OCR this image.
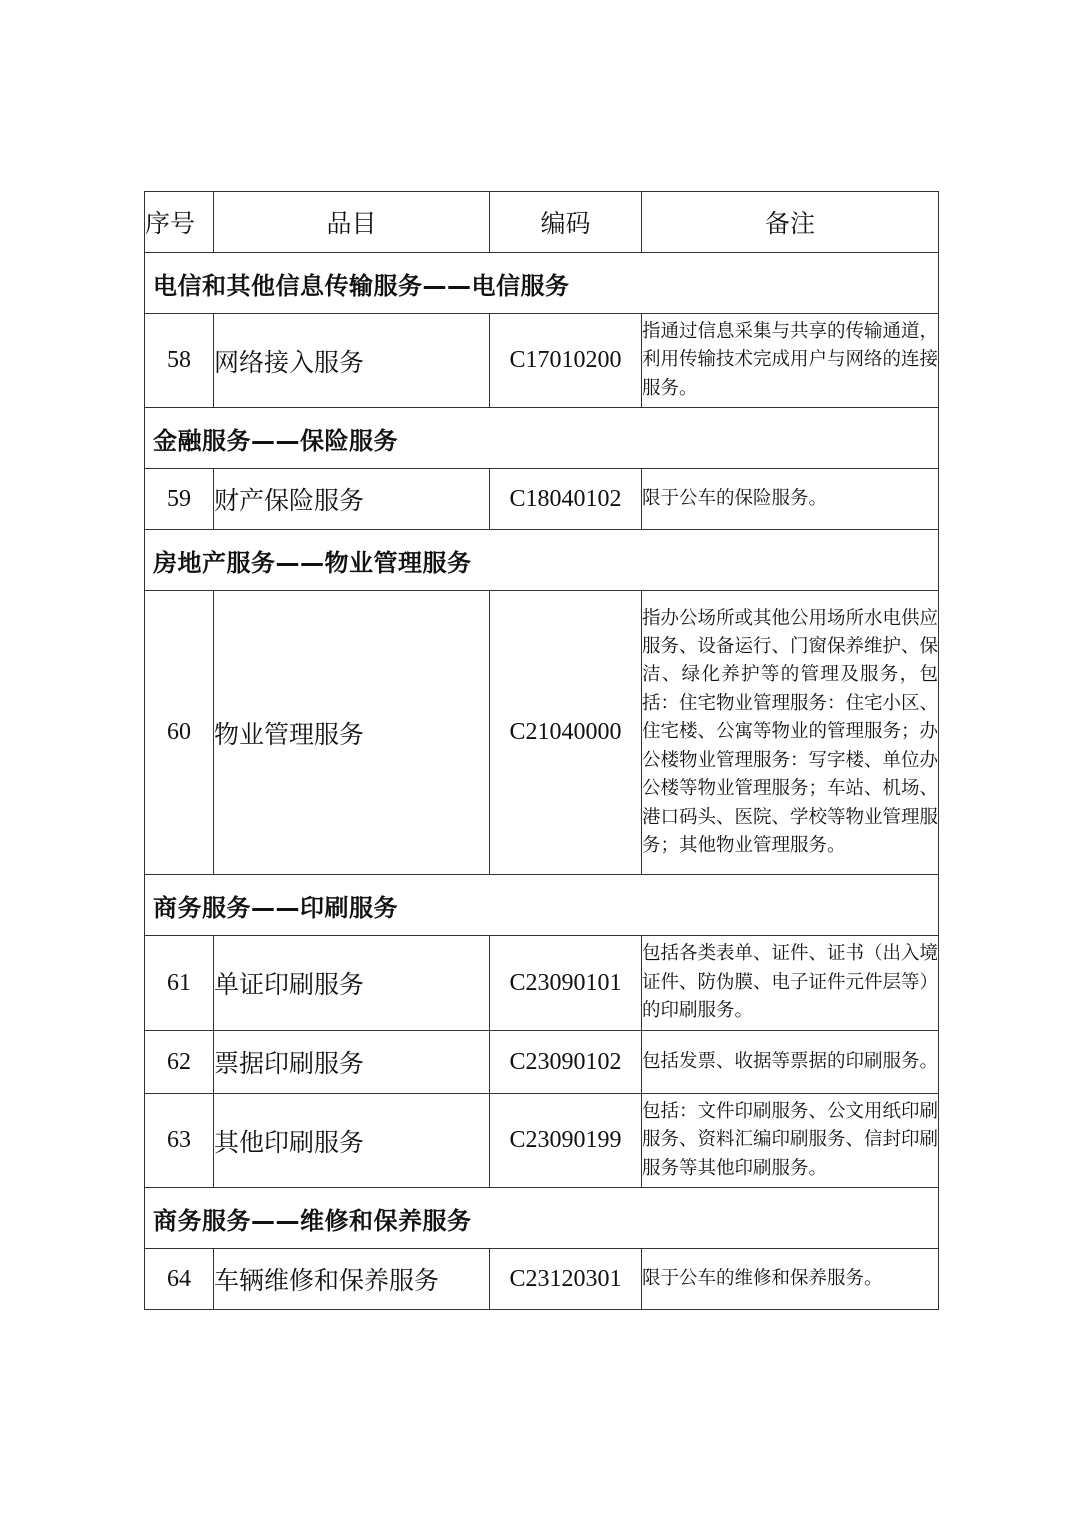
序号	品目	编码	备注
电信和其他信息传输服务——电信服务			
58	网络接入服务	C17010200	指通过信息采集与共享的传输通道，利用传输技术完成用户与网络的连接服务。
金融服务——保险服务			
59	财产保险服务	C18040102	限于公车的保险服务。
房地产服务——物业管理服务			
60	物业管理服务	C21040000	指办公场所或其他公用场所水电供应服务、设备运行、门窗保养维护、保洁、绿化养护等的管理及服务，包括：住宅物业管理服务：住宅小区、住宅楼、公寓等物业的管理服务；办公楼物业管理服务：写字楼、单位办公楼等物业管理服务；车站、机场、港口码头、医院、学校等物业管理服务；其他物业管理服务。
商务服务——印刷服务			
61	单证印刷服务	C23090101	包括各类表单、证件、证书（出入境证件、防伪膜、电子证件元件层等）的印刷服务。
62	票据印刷服务	C23090102	包括发票、收据等票据的印刷服务。
63	其他印刷服务	C23090199	包括：文件印刷服务、公文用纸印刷服务、资料汇编印刷服务、信封印刷服务等其他印刷服务。
商务服务——维修和保养服务			
64	车辆维修和保养服务	C23120301	限于公车的维修和保养服务。
